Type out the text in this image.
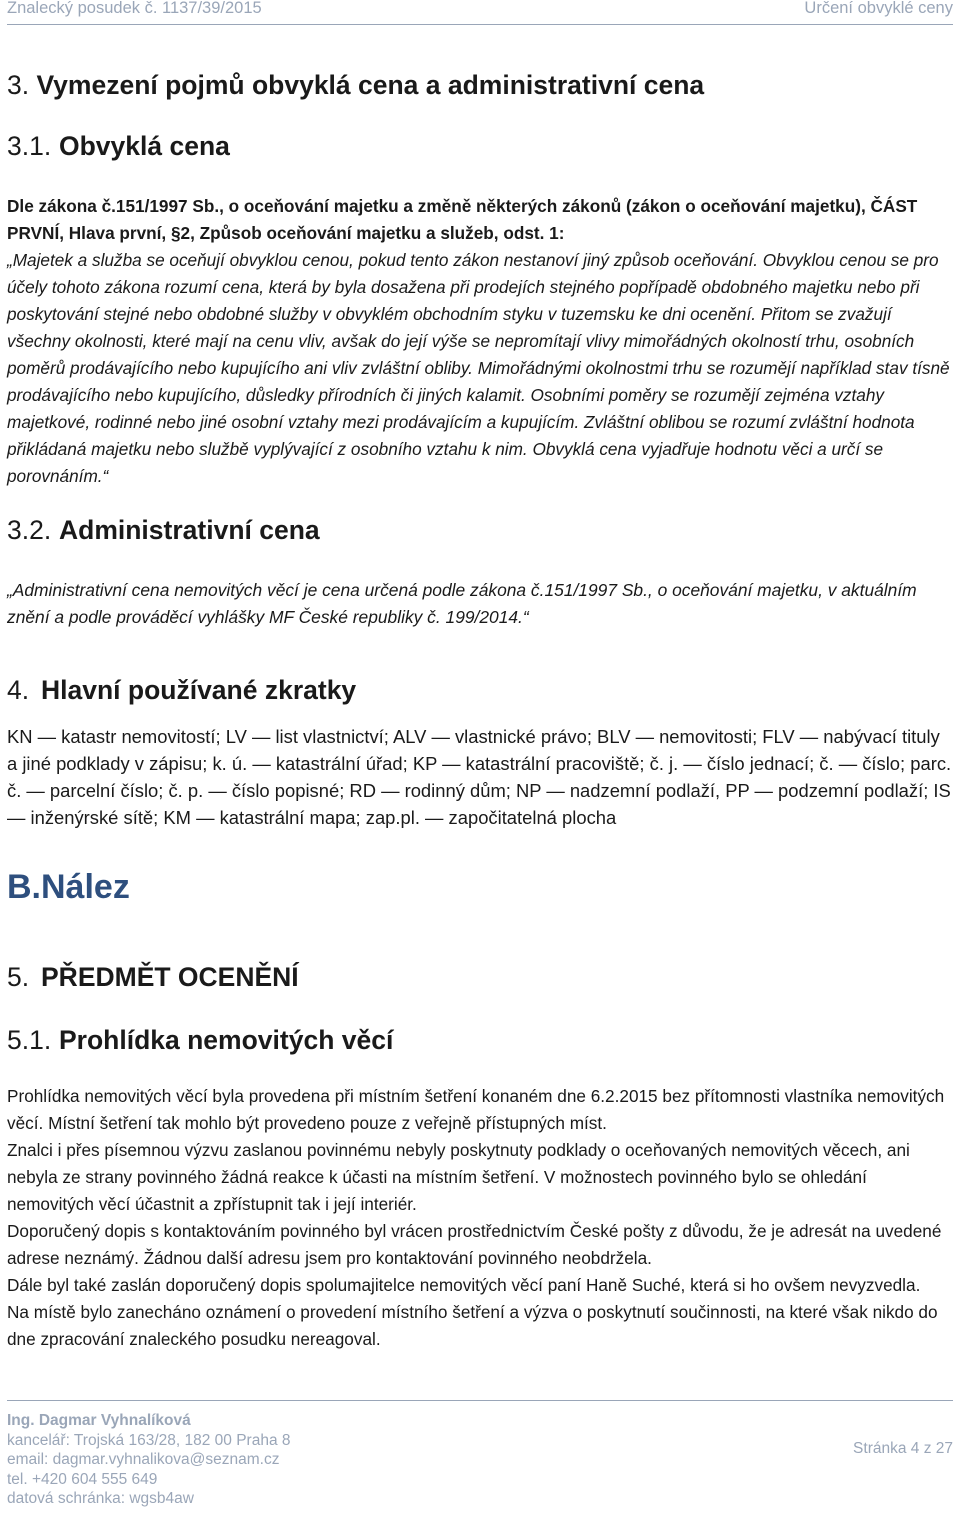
Znalecký posudek č. 1137/39/2015	Určení obvyklé ceny
3. Vymezení pojmů obvyklá cena a administrativní cena
3.1. Obvyklá cena
Dle zákona č.151/1997 Sb., o oceňování majetku a změně některých zákonů (zákon o oceňování majetku), ČÁST PRVNÍ, Hlava první, §2, Způsob oceňování majetku a služeb, odst. 1:
„Majetek a služba se oceňují obvyklou cenou, pokud tento zákon nestanoví jiný způsob oceňování. Obvyklou cenou se pro účely tohoto zákona rozumí cena, která by byla dosažena při prodejích stejného popřípadě obdobného majetku nebo při poskytování stejné nebo obdobné služby v obvyklém obchodním styku v tuzemsku ke dni ocenění. Přitom se zvažují všechny okolnosti, které mají na cenu vliv, avšak do její výše se nepromítají vlivy mimořádných okolností trhu, osobních poměrů prodávajícího nebo kupujícího ani vliv zvláštní obliby. Mimořádnými okolnostmi trhu se rozumějí například stav tísně prodávajícího nebo kupujícího, důsledky přírodních či jiných kalamit. Osobními poměry se rozumějí zejména vztahy majetkové, rodinné nebo jiné osobní vztahy mezi prodávajícím a kupujícím. Zvláštní oblibou se rozumí zvláštní hodnota přikládaná majetku nebo službě vyplývající z osobního vztahu k nim. Obvyklá cena vyjadřuje hodnotu věci a určí se porovnáním.“
3.2. Administrativní cena
„Administrativní cena nemovitých věcí je cena určená podle zákona č.151/1997 Sb., o oceňování majetku, v aktuálním znění a podle prováděcí vyhlášky MF České republiky č. 199/2014.“
4. Hlavní používané zkratky
KN — katastr nemovitostí; LV — list vlastnictví; ALV — vlastnické právo; BLV — nemovitosti; FLV — nabývací tituly a jiné podklady v zápisu; k. ú. — katastrální úřad; KP — katastrální pracoviště; č. j. — číslo jednací; č. — číslo; parc. č. — parcelní číslo; č. p. — číslo popisné; RD — rodinný dům; NP — nadzemní podlaží, PP — podzemní podlaží; IS — inženýrské sítě; KM — katastrální mapa; zap.pl. — započitatelná plocha
B.Nález
5. PŘEDMĚT OCENĚNÍ
5.1. Prohlídka nemovitých věcí
Prohlídka nemovitých věcí byla provedena při místním šetření konaném dne 6.2.2015 bez přítomnosti vlastníka nemovitých věcí. Místní šetření tak mohlo být provedeno pouze z veřejně přístupných míst.
Znalci i přes písemnou výzvu zaslanou povinnému nebyly poskytnuty podklady o oceňovaných nemovitých věcech, ani nebyla ze strany povinného žádná reakce k účasti na místním šetření. V možnostech povinného bylo se ohledání nemovitých věcí účastnit a zpřístupnit tak i její interiér.
Doporučený dopis s kontaktováním povinného byl vrácen prostřednictvím České pošty z důvodu, že je adresát na uvedené adrese neznámý. Žádnou další adresu jsem pro kontaktování povinného neobdržela.
Dále byl také zaslán doporučený dopis spolumajitelce nemovitých věcí paní Haně Suché, která si ho ovšem nevyzvedla.
Na místě bylo zanecháno oznámení o provedení místního šetření a výzva o poskytnutí součinnosti, na které však nikdo do dne zpracování znaleckého posudku nereagoval.
Ing. Dagmar Vyhnalíková
kancelář: Trojská 163/28, 182 00 Praha 8
email: dagmar.vyhnalikova@seznam.cz
tel. +420 604 555 649
datová schránka: wgsb4aw
Stránka 4 z 27
